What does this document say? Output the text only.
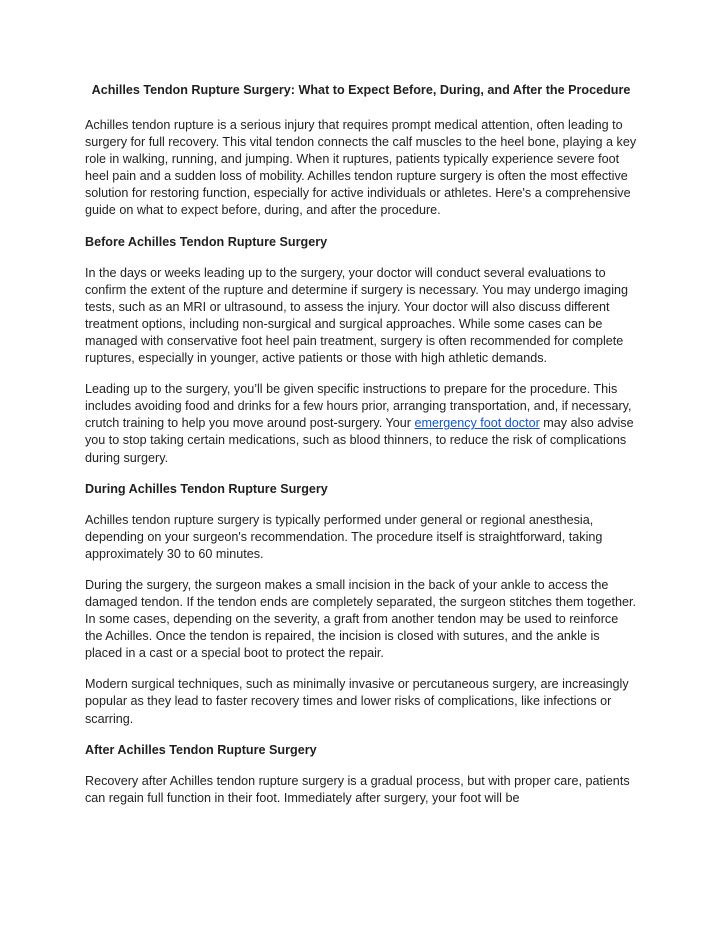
Achilles Tendon Rupture Surgery: What to Expect Before, During, and After the Procedure

Achilles tendon rupture is a serious injury that requires prompt medical attention, often leading to surgery for full recovery. This vital tendon connects the calf muscles to the heel bone, playing a key role in walking, running, and jumping. When it ruptures, patients typically experience severe foot heel pain and a sudden loss of mobility. Achilles tendon rupture surgery is often the most effective solution for restoring function, especially for active individuals or athletes. Here's a comprehensive guide on what to expect before, during, and after the procedure.

Before Achilles Tendon Rupture Surgery

In the days or weeks leading up to the surgery, your doctor will conduct several evaluations to confirm the extent of the rupture and determine if surgery is necessary. You may undergo imaging tests, such as an MRI or ultrasound, to assess the injury. Your doctor will also discuss different treatment options, including non-surgical and surgical approaches. While some cases can be managed with conservative foot heel pain treatment, surgery is often recommended for complete ruptures, especially in younger, active patients or those with high athletic demands.

Leading up to the surgery, you’ll be given specific instructions to prepare for the procedure. This includes avoiding food and drinks for a few hours prior, arranging transportation, and, if necessary, crutch training to help you move around post-surgery. Your emergency foot doctor may also advise you to stop taking certain medications, such as blood thinners, to reduce the risk of complications during surgery.

During Achilles Tendon Rupture Surgery

Achilles tendon rupture surgery is typically performed under general or regional anesthesia, depending on your surgeon's recommendation. The procedure itself is straightforward, taking approximately 30 to 60 minutes.

During the surgery, the surgeon makes a small incision in the back of your ankle to access the damaged tendon. If the tendon ends are completely separated, the surgeon stitches them together. In some cases, depending on the severity, a graft from another tendon may be used to reinforce the Achilles. Once the tendon is repaired, the incision is closed with sutures, and the ankle is placed in a cast or a special boot to protect the repair.

Modern surgical techniques, such as minimally invasive or percutaneous surgery, are increasingly popular as they lead to faster recovery times and lower risks of complications, like infections or scarring.

After Achilles Tendon Rupture Surgery

Recovery after Achilles tendon rupture surgery is a gradual process, but with proper care, patients can regain full function in their foot. Immediately after surgery, your foot will be
